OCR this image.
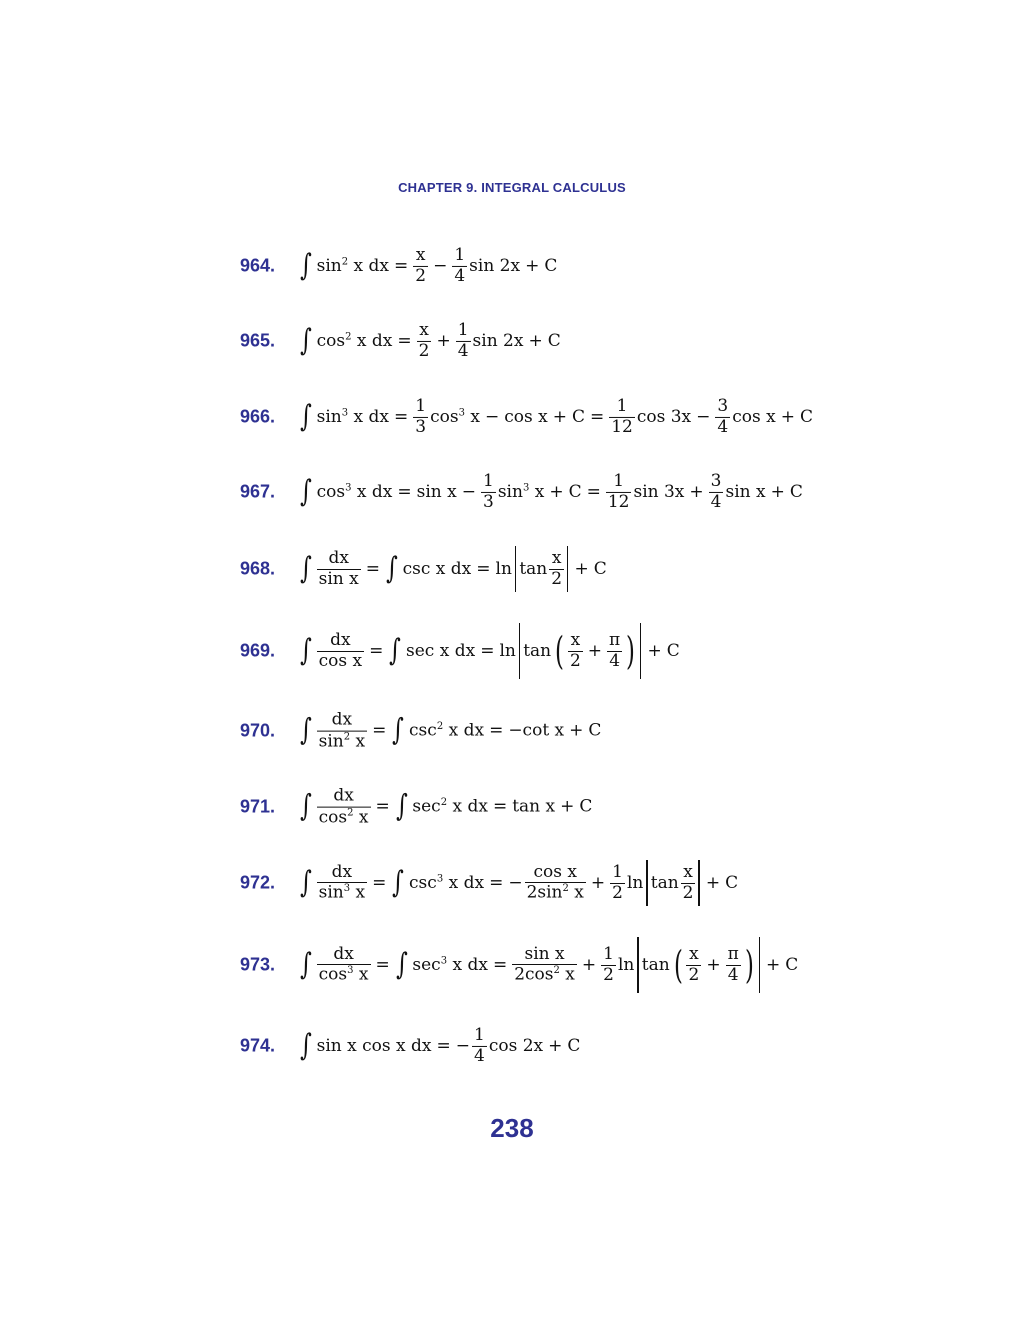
CHAPTER 9. INTEGRAL CALCULUS
964. ∫ $\sin^2 x$ dx = $\frac{x}{2} - \frac{1}{4}$ sin 2x + C
965. ∫ $\cos^2 x$ dx = $\frac{x}{2} + \frac{1}{4}$ sin 2x + C
966. ∫ $\sin^3 x$ dx = $\frac{1}{3} \cos^3 x - \cos x + C = \frac{1}{12}$ $\cos 3x - \frac{3}{4}$ cos x + C
967. ∫ $\cos^3 x$ dx = $\sin x - \frac{1}{3} \sin^3 x + C = \frac{1}{12}$ $\sin 3x + \frac{3}{4}$ sin x + C
968. ∫ $\frac{dx}{\text{sin x}}$ = ∫ csc x dx = $\ln \tan \frac{x}{2} + C$
969. ∫ $\frac{dx}{\text{cos x}}$ = ∫ sec x dx = ln tan ( $\frac{x}{2} + \frac{\pi}{4}$ ) + C
970. ∫ $\frac{dx}{\sin^2 x}$ = ∫ $\csc^2 x$ dx = −cot x + C
971. ∫ $\frac{dx}{\cos^2 x}$ = ∫ $\sec^2 x$ dx = tan x + C
972. ∫ $\frac{dx}{\sin^3 x}$ = ∫ $\csc^3 x$ dx = − $\frac{\text{cos x}}{2\sin^2 x} + \frac{1}{2}$ $\ln \tan \frac{x}{2} + C$
973. ∫ $\frac{dx}{\cos^3 x}$ = ∫ $\sec^3 x$ dx = $\frac{\text{sin x}}{2\cos^2 x} + \frac{1}{2}$ ln tan ( $\frac{x}{2} + \frac{\pi}{4}$ ) + C
974. ∫ sin x cos x dx = − $\frac{1}{4}$ cos 2x + C
238
